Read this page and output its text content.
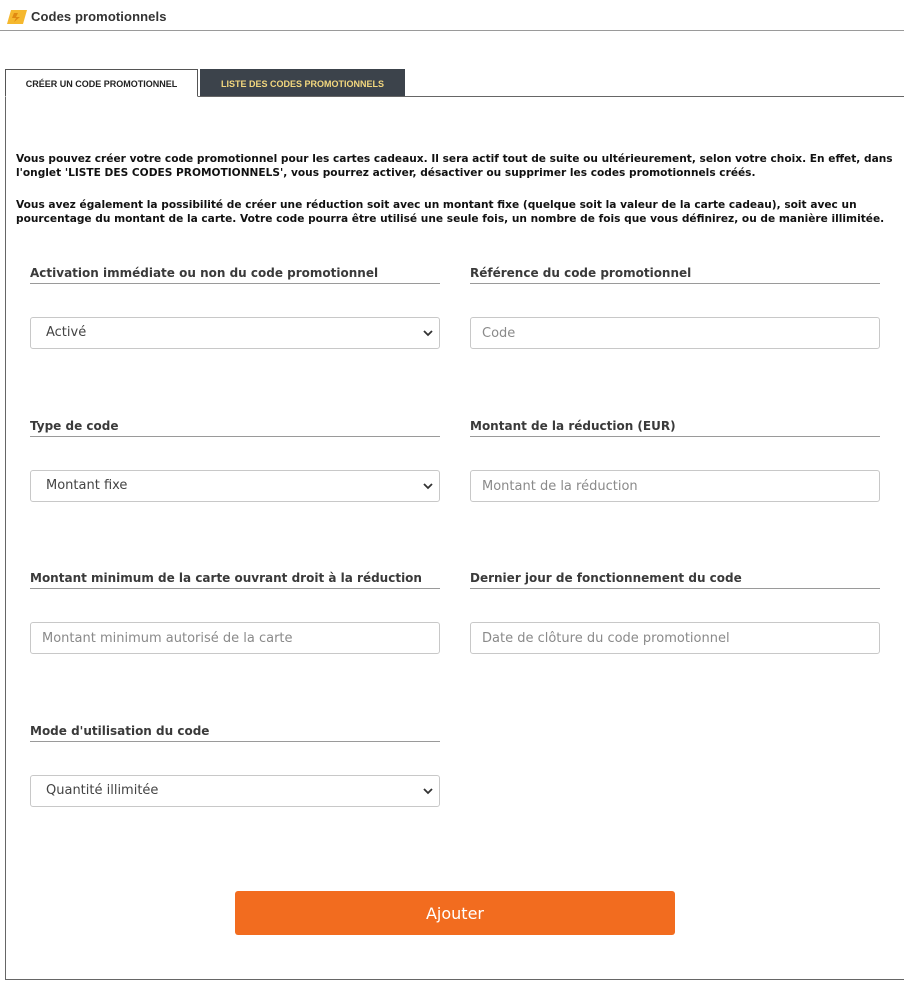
Codes promotionnels
CRÉER UN CODE PROMOTIONNEL	LISTE DES CODES PROMOTIONNELS
Vous pouvez créer votre code promotionnel pour les cartes cadeaux. Il sera actif tout de suite ou ultérieurement, selon votre choix. En effet, dans l'onglet 'LISTE DES CODES PROMOTIONNELS', vous pourrez activer, désactiver ou supprimer les codes promotionnels créés.
Vous avez également la possibilité de créer une réduction soit avec un montant fixe (quelque soit la valeur de la carte cadeau), soit avec un pourcentage du montant de la carte. Votre code pourra être utilisé une seule fois, un nombre de fois que vous définirez, ou de manière illimitée.
Activation immédiate ou non du code promotionnel
Activé
Référence du code promotionnel
Code
Type de code
Montant fixe
Montant de la réduction (EUR)
Montant de la réduction
Montant minimum de la carte ouvrant droit à la réduction
Montant minimum autorisé de la carte	Dernier jour de fonctionnement du code
Date de clôture du code promotionnel
Mode d'utilisation du code
Quantité illimitée
Ajouter
